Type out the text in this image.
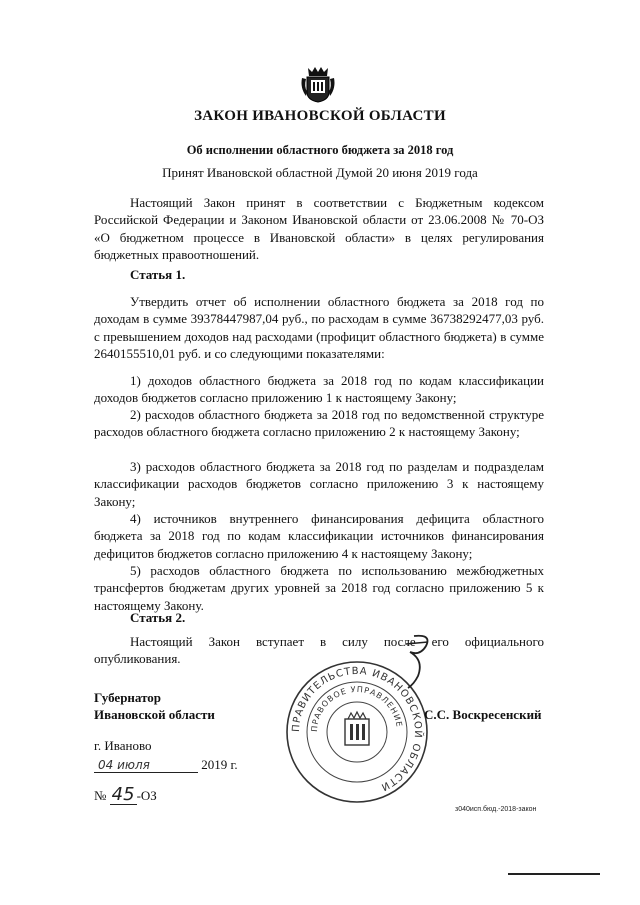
ЗАКОН ИВАНОВСКОЙ ОБЛАСТИ
Об исполнении областного бюджета за 2018 год
Принят Ивановской областной Думой 20 июня 2019 года

Настоящий Закон принят в соответствии с Бюджетным кодексом Российской Федерации и Законом Ивановской области от 23.06.2008 № 70-ОЗ «О бюджетном процессе в Ивановской области» в целях регулирования бюджетных правоотношений.

Статья 1.

Утвердить отчет об исполнении областного бюджета за 2018 год по доходам в сумме 39378447987,04 руб., по расходам в сумме 36738292477,03 руб. с превышением доходов над расходами (профицит областного бюджета) в сумме 2640155510,01 руб. и со следующими показателями:

1) доходов областного бюджета за 2018 год по кодам классификации доходов бюджетов согласно приложению 1 к настоящему Закону;

2) расходов областного бюджета за 2018 год по ведомственной структуре расходов областного бюджета согласно приложению 2 к настоящему Закону;

3) расходов областного бюджета за 2018 год по разделам и подразделам классификации расходов бюджетов согласно приложению 3 к настоящему Закону;

4) источников внутреннего финансирования дефицита областного бюджета за 2018 год по кодам классификации источников финансирования дефицитов бюджетов согласно приложению 4 к настоящему Закону;

5) расходов областного бюджета по использованию межбюджетных трансфертов бюджетам других уровней за 2018 год согласно приложению 5 к настоящему Закону.

Статья 2.

Настоящий Закон вступает в силу после его официального опубликования.

Губернатор
Ивановской области
ПРАВИТЕЛЬСТВА ИВАНОВСКОЙ ОБЛАСТИ
ПРАВОВОЕ УПРАВЛЕНИЕ
С.С. Воскресенский
г. Иваново
04 июля	2019 г.
№ 45 -ОЗ
з040исп.бюд.-2018-закон
